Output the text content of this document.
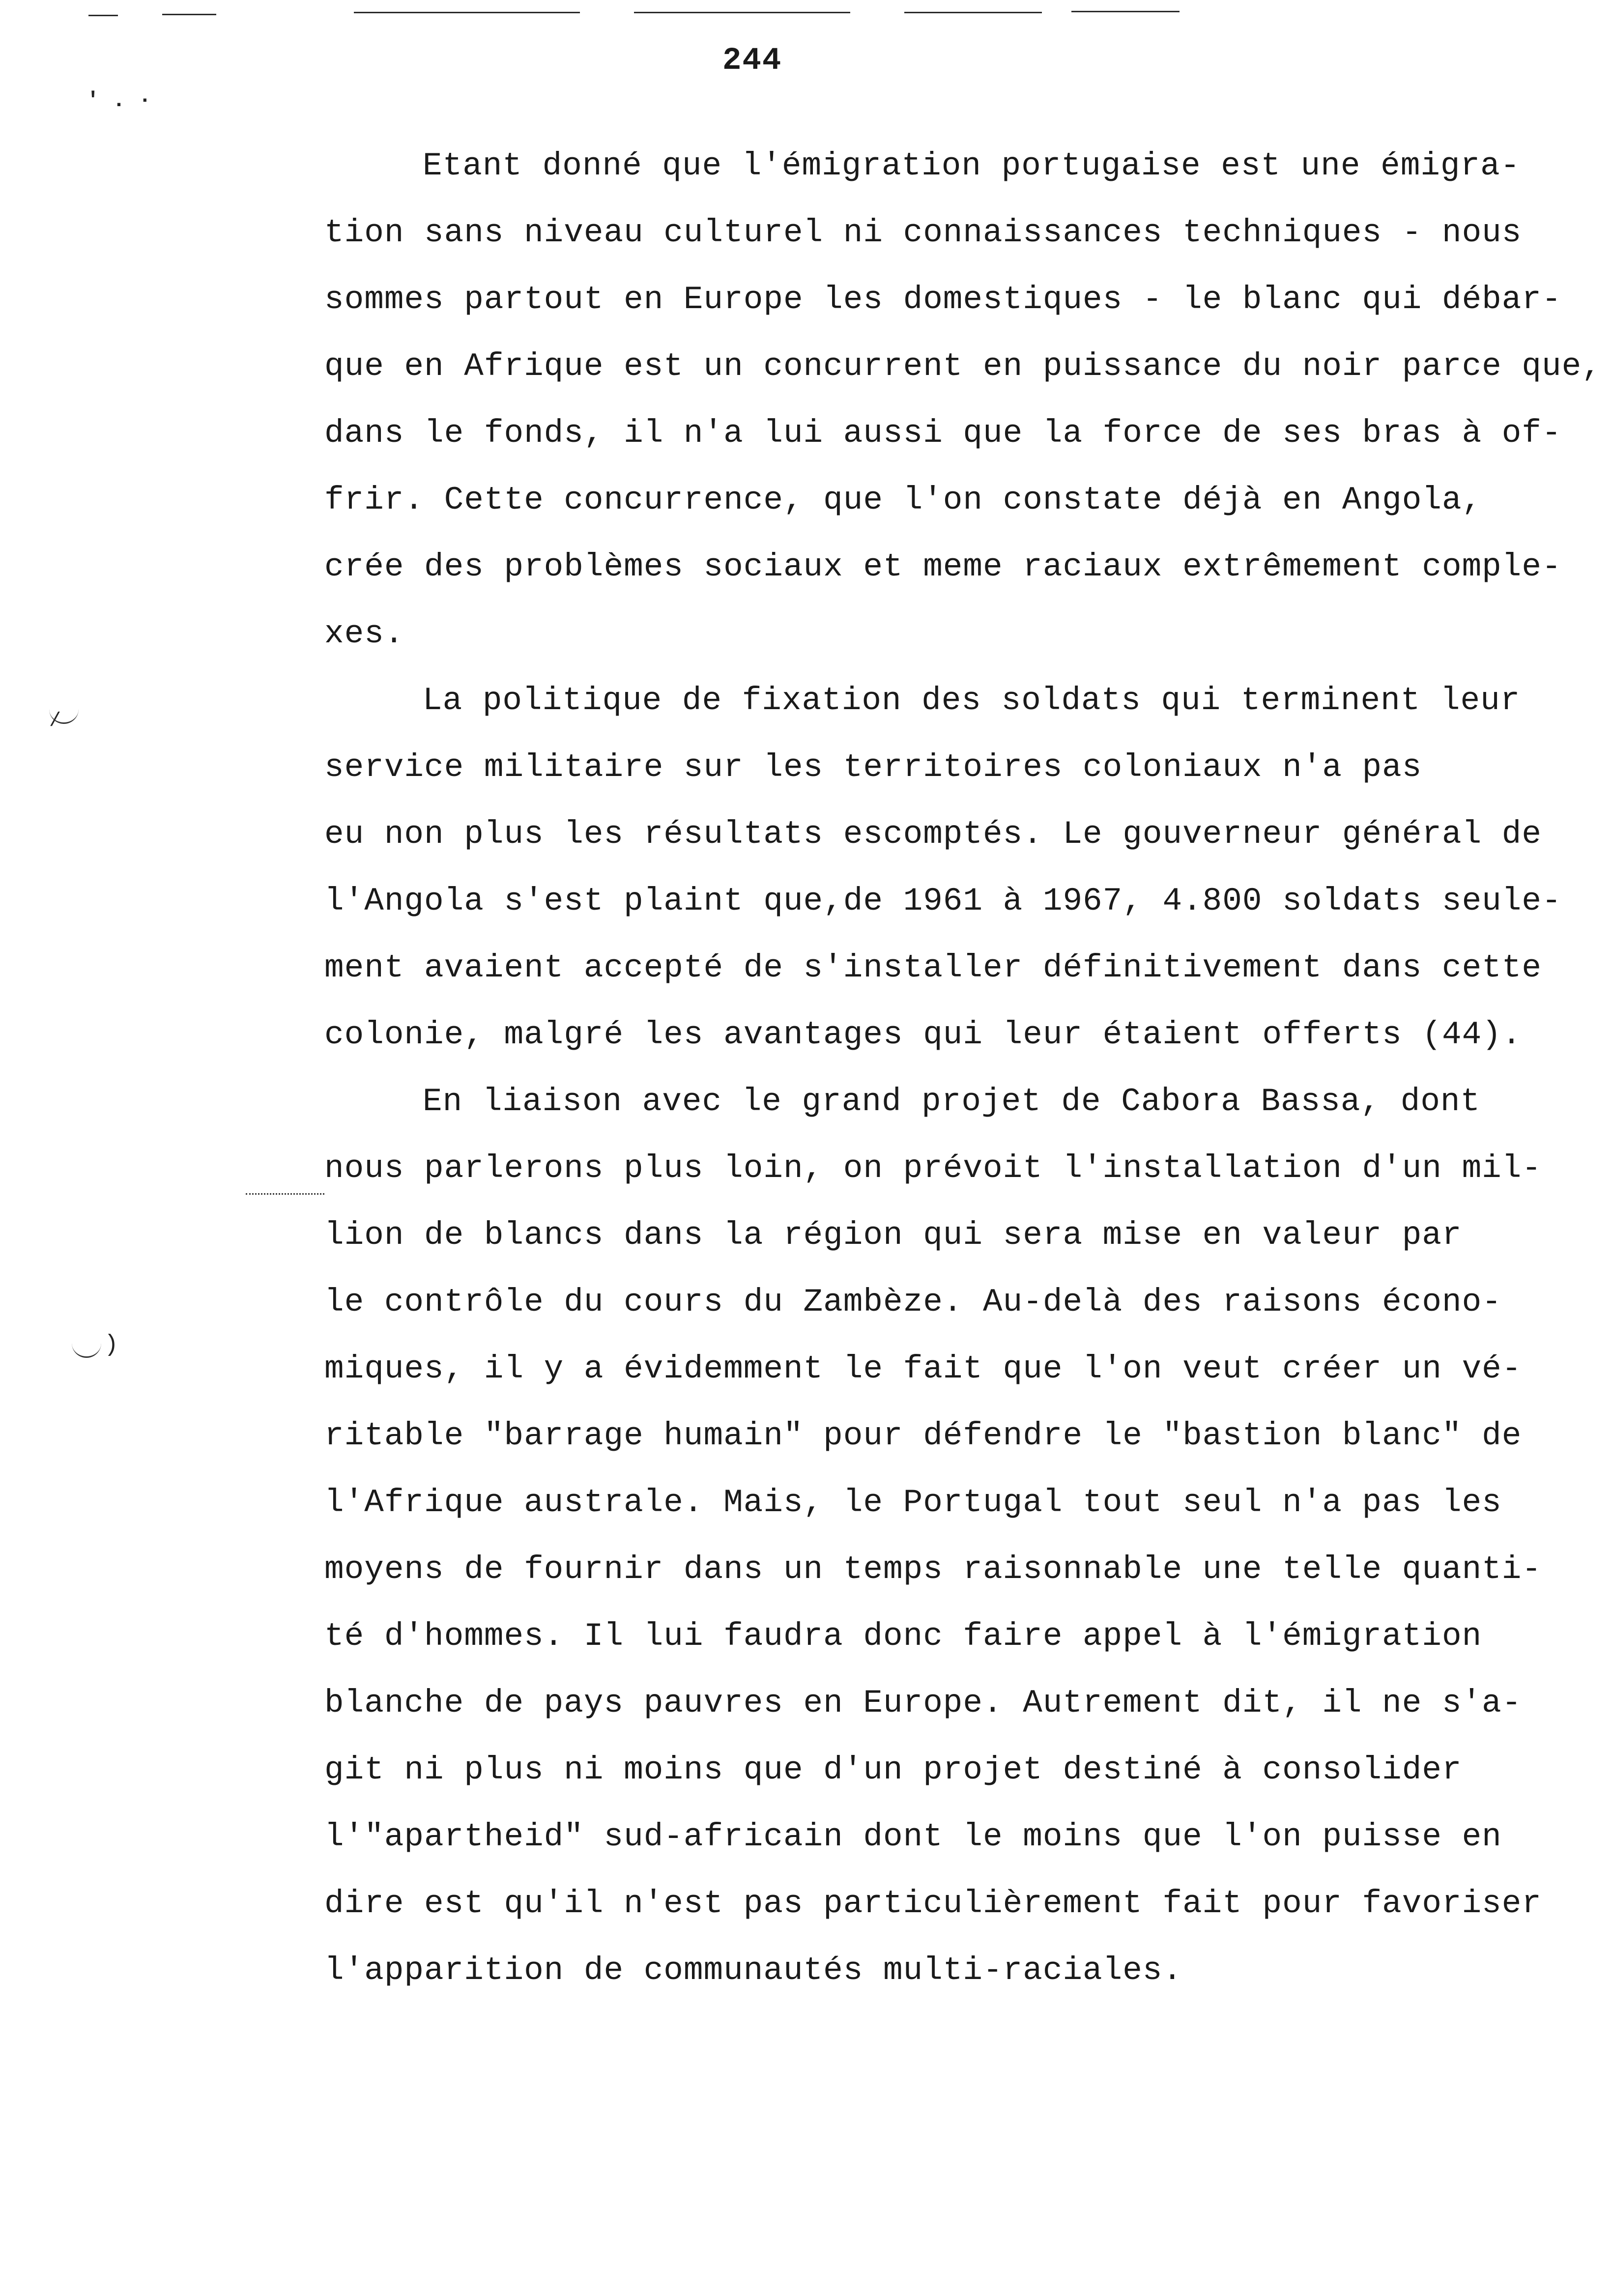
244
' . ·
/
)
Etant donné que l'émigration portugaise est une émigra-
tion sans niveau culturel ni connaissances techniques - nous
sommes partout en Europe les domestiques - le blanc qui débar-
que en Afrique est un concurrent en puissance du noir parce que,
dans le fonds, il n'a lui aussi que la force de ses bras à of-
frir. Cette concurrence, que l'on constate déjà en Angola,
crée des problèmes sociaux et meme raciaux extrêmement comple-
xes.
La politique de fixation des soldats qui terminent leur
service militaire sur les territoires coloniaux n'a pas
eu non plus les résultats escomptés. Le gouverneur général de
l'Angola s'est plaint que,de 1961 à 1967, 4.800 soldats seule-
ment avaient accepté de s'installer définitivement dans cette
colonie, malgré les avantages qui leur étaient offerts (44).
En liaison avec le grand projet de Cabora Bassa, dont
nous parlerons plus loin, on prévoit l'installation d'un mil-
lion de blancs dans la région qui sera mise en valeur par
le contrôle du cours du Zambèze. Au-delà des raisons écono-
miques, il y a évidemment le fait que l'on veut créer un vé-
ritable "barrage humain" pour défendre le "bastion blanc" de
l'Afrique australe. Mais, le Portugal tout seul n'a pas les
moyens de fournir dans un temps raisonnable une telle quanti-
té d'hommes. Il lui faudra donc faire appel à l'émigration
blanche de pays pauvres en Europe. Autrement dit, il ne s'a-
git ni plus ni moins que d'un projet destiné à consolider
l'"apartheid" sud-africain dont le moins que l'on puisse en
dire est qu'il n'est pas particulièrement fait pour favoriser
l'apparition de communautés multi-raciales.
